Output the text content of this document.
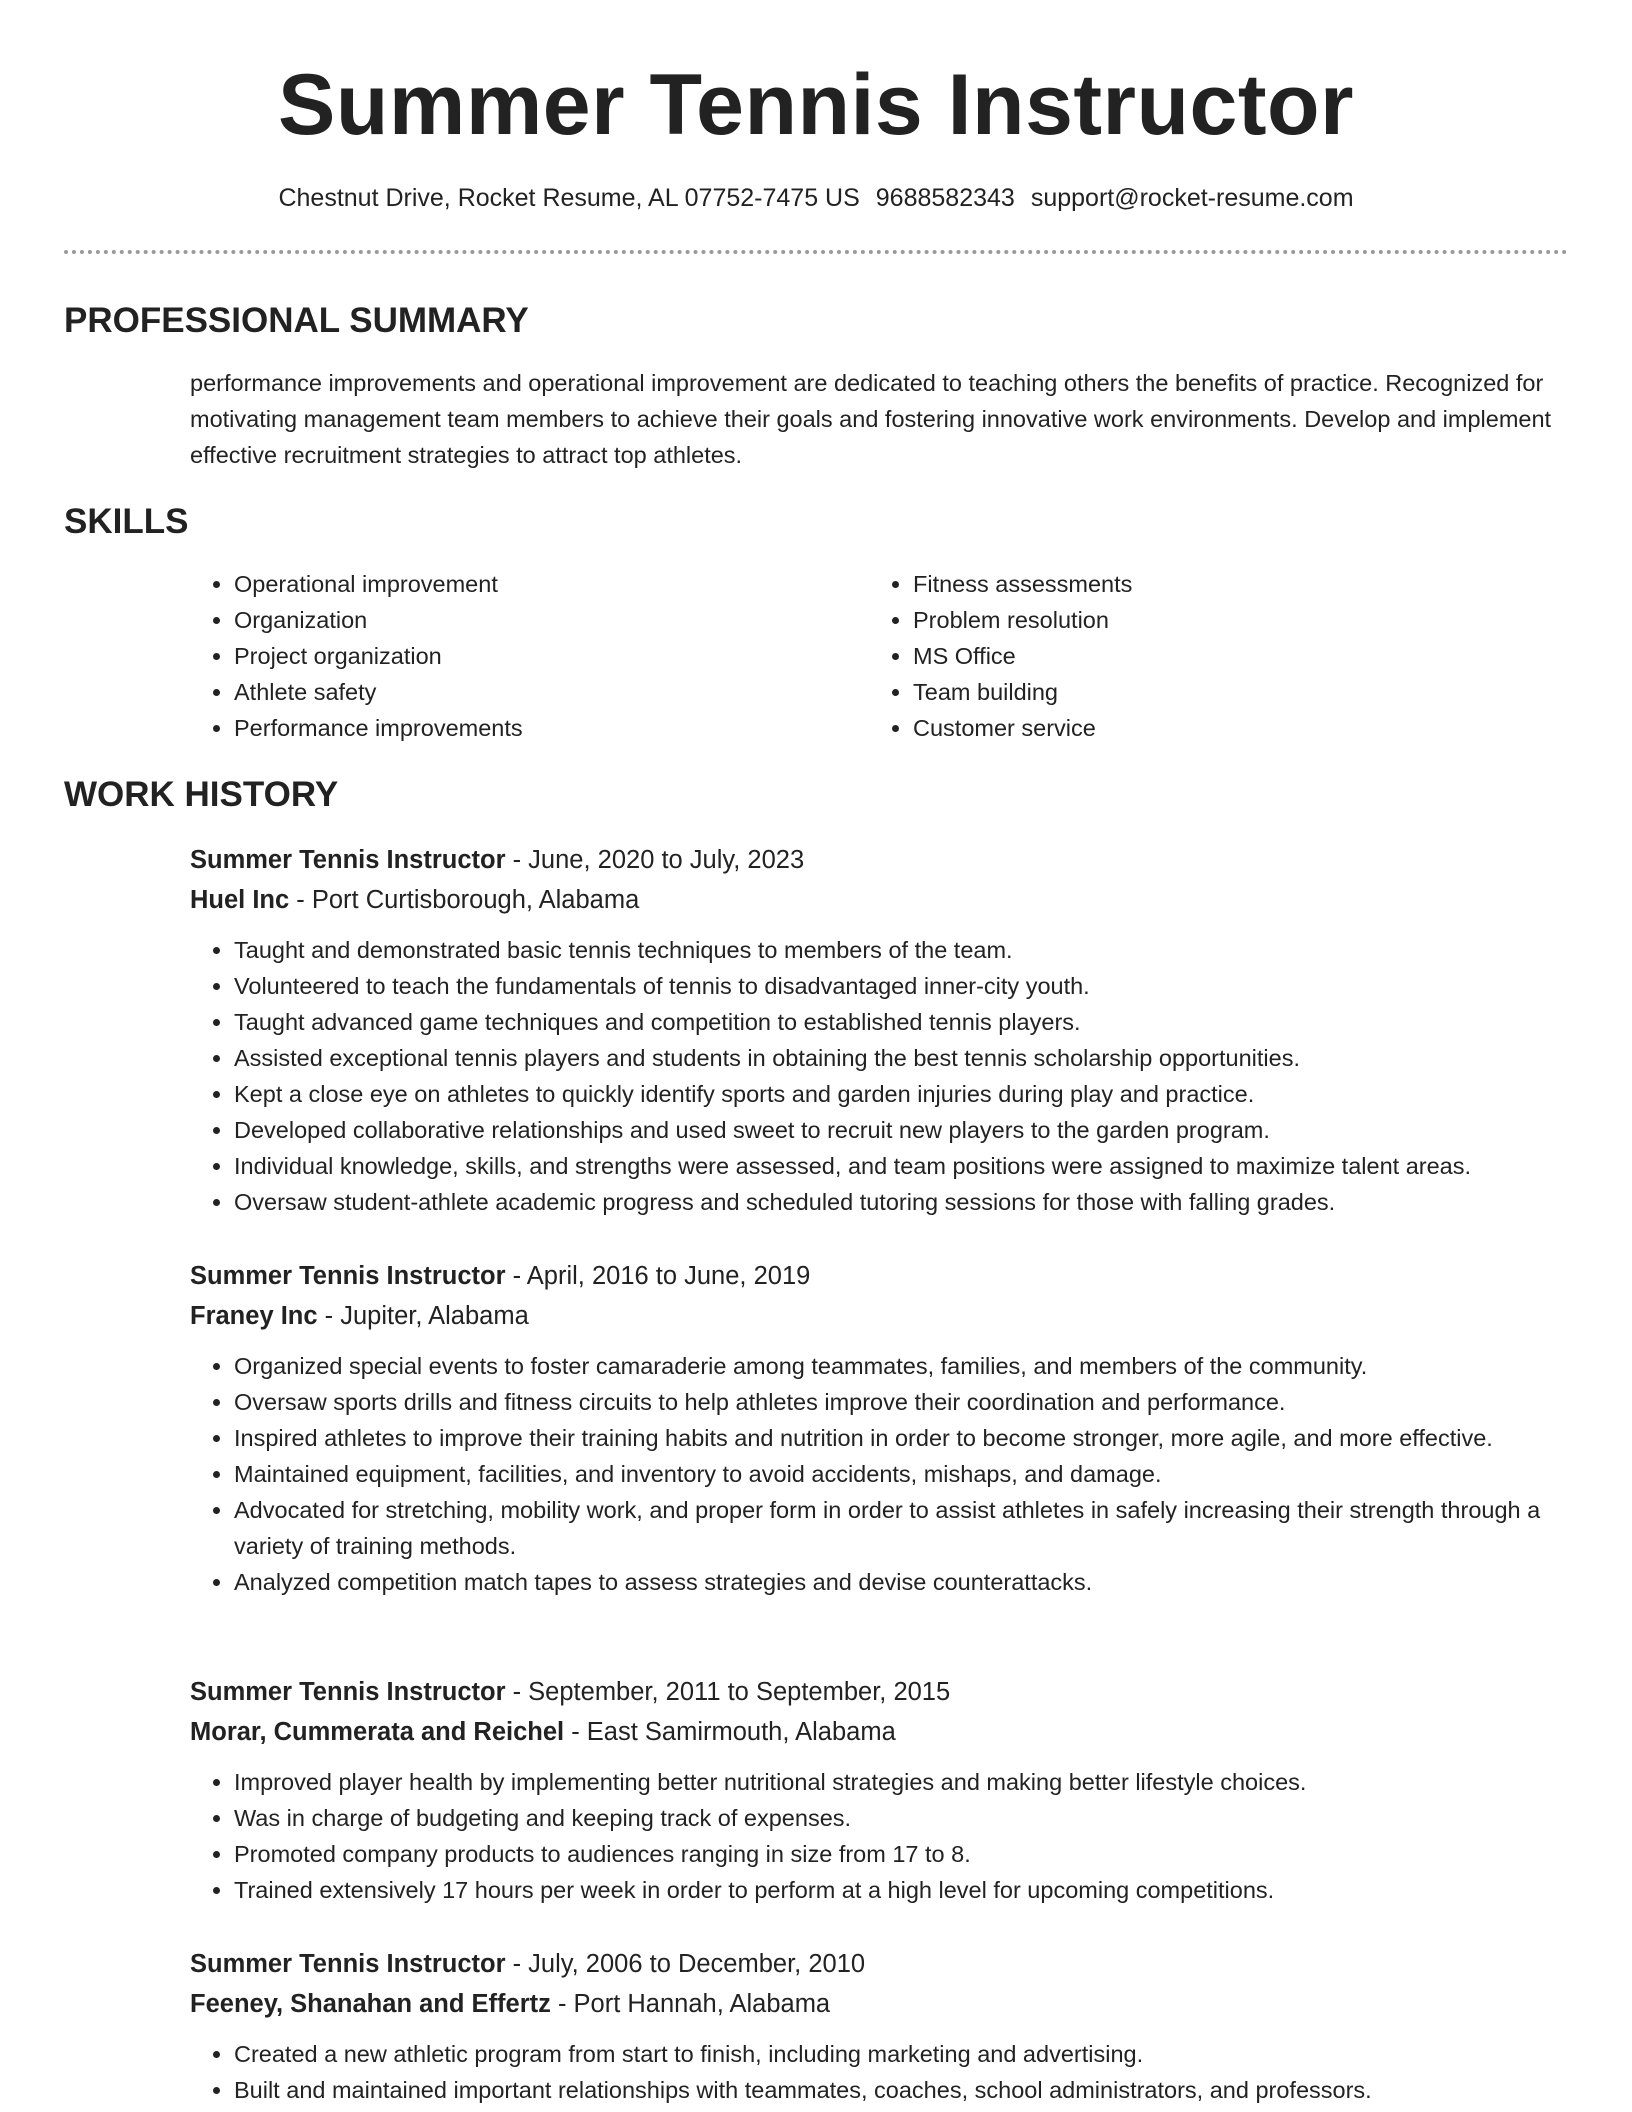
Summer Tennis Instructor
Chestnut Drive, Rocket Resume, AL 07752-7475 US 9688582343 support@rocket-resume.com
PROFESSIONAL SUMMARY

performance improvements and operational improvement are dedicated to teaching others the benefits of practice. Recognized for motivating management team members to achieve their goals and fostering innovative work environments. Develop and implement effective recruitment strategies to attract top athletes.

SKILLS
• Operational improvement
• Organization
• Project organization
• Athlete safety
• Performance improvements
• Fitness assessments
• Problem resolution
• MS Office
• Team building
• Customer service
WORK HISTORY

Summer Tennis Instructor - June, 2020 to July, 2023

Huel Inc - Port Curtisborough, Alabama

• Taught and demonstrated basic tennis techniques to members of the team.
• Volunteered to teach the fundamentals of tennis to disadvantaged inner-city youth.
• Taught advanced game techniques and competition to established tennis players.
• Assisted exceptional tennis players and students in obtaining the best tennis scholarship opportunities.
• Kept a close eye on athletes to quickly identify sports and garden injuries during play and practice.
• Developed collaborative relationships and used sweet to recruit new players to the garden program.
• Individual knowledge, skills, and strengths were assessed, and team positions were assigned to maximize talent areas.
• Oversaw student-athlete academic progress and scheduled tutoring sessions for those with falling grades.

Summer Tennis Instructor - April, 2016 to June, 2019

Franey Inc - Jupiter, Alabama

• Organized special events to foster camaraderie among teammates, families, and members of the community.
• Oversaw sports drills and fitness circuits to help athletes improve their coordination and performance.
• Inspired athletes to improve their training habits and nutrition in order to become stronger, more agile, and more effective.
• Maintained equipment, facilities, and inventory to avoid accidents, mishaps, and damage.
• Advocated for stretching, mobility work, and proper form in order to assist athletes in safely increasing their strength through a variety of training methods.
• Analyzed competition match tapes to assess strategies and devise counterattacks.

Summer Tennis Instructor - September, 2011 to September, 2015

Morar, Cummerata and Reichel - East Samirmouth, Alabama

• Improved player health by implementing better nutritional strategies and making better lifestyle choices.
• Was in charge of budgeting and keeping track of expenses.
• Promoted company products to audiences ranging in size from 17 to 8.
• Trained extensively 17 hours per week in order to perform at a high level for upcoming competitions.

Summer Tennis Instructor - July, 2006 to December, 2010

Feeney, Shanahan and Effertz - Port Hannah, Alabama

• Created a new athletic program from start to finish, including marketing and advertising.
• Built and maintained important relationships with teammates, coaches, school administrators, and professors.
